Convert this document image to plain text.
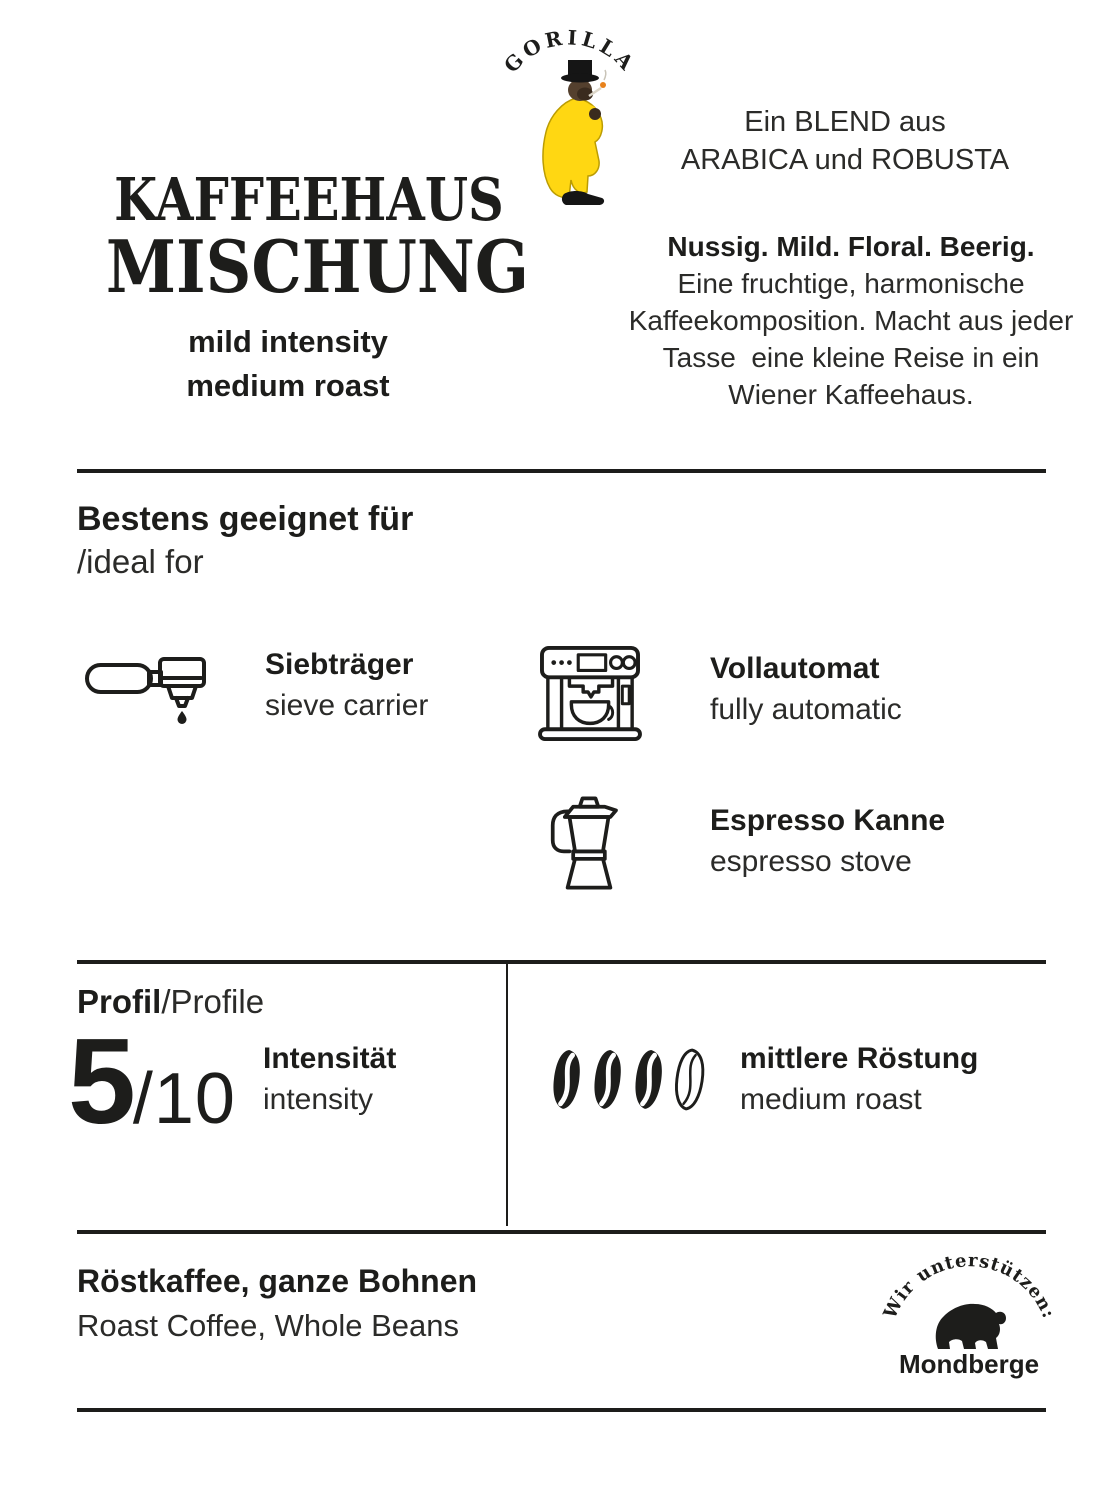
GORILLA
KAFFEEHAUS
MISCHUNG
mild intensity
medium roast
Ein BLEND aus
ARABICA und ROBUSTA
Nussig. Mild. Floral. Beerig.
Eine fruchtige, harmonische
Kaffeekomposition. Macht aus jeder
Tasse  eine kleine Reise in ein
Wiener Kaffeehaus.
Bestens geeignet für
/ideal for
Siebträger
sieve carrier
Vollautomat
fully automatic
Espresso Kanne
espresso stove
Profil/Profile
5 /10
Intensität
intensity
mittlere Röstung
medium roast
Röstkaffee, ganze Bohnen
Roast Coffee, Whole Beans
Wir unterstützen:
Mondberge
